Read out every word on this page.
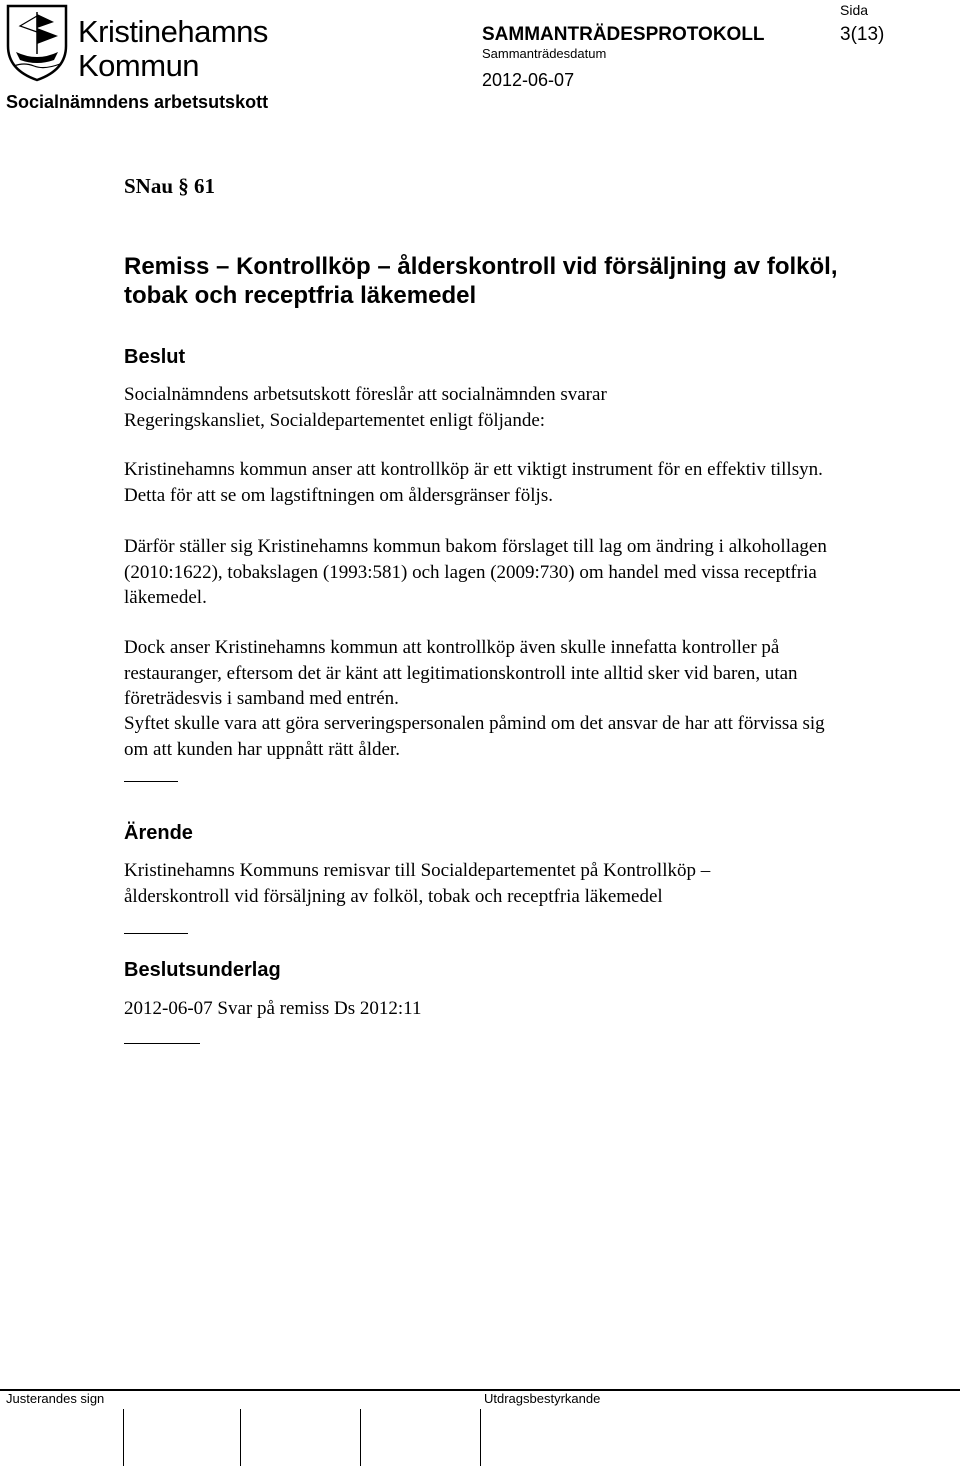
Kristinehamns
Kommun
Socialnämndens arbetsutskott
SAMMANTRÄDESPROTOKOLL
Sammanträdesdatum
2012-06-07
Sida
3(13)
SNau § 61
Remiss – Kontrollköp – ålderskontroll vid försäljning av folköl, tobak och receptfria läkemedel
Beslut

Socialnämndens arbetsutskott föreslår att socialnämnden svarar Regeringskansliet, Socialdepartementet enligt följande:

Kristinehamns kommun anser att kontrollköp är ett viktigt instrument för en effektiv tillsyn. Detta för att se om lagstiftningen om åldersgränser följs.

Därför ställer sig Kristinehamns kommun bakom förslaget till lag om ändring i alkohollagen (2010:1622), tobakslagen (1993:581) och lagen (2009:730) om handel med vissa receptfria läkemedel.

Dock anser Kristinehamns kommun att kontrollköp även skulle innefatta kontroller på restauranger, eftersom det är känt att legitimationskontroll inte alltid sker vid baren, utan företrädesvis i samband med entrén.

Syftet skulle vara att göra serveringspersonalen påmind om det ansvar de har att förvissa sig om att kunden har uppnått rätt ålder.

Ärende

Kristinehamns Kommuns remisvar till Socialdepartementet på Kontrollköp – ålderskontroll vid försäljning av folköl, tobak och receptfria läkemedel

Beslutsunderlag

2012-06-07 Svar på remiss Ds 2012:11

Justerandes sign	Utdragsbestyrkande
